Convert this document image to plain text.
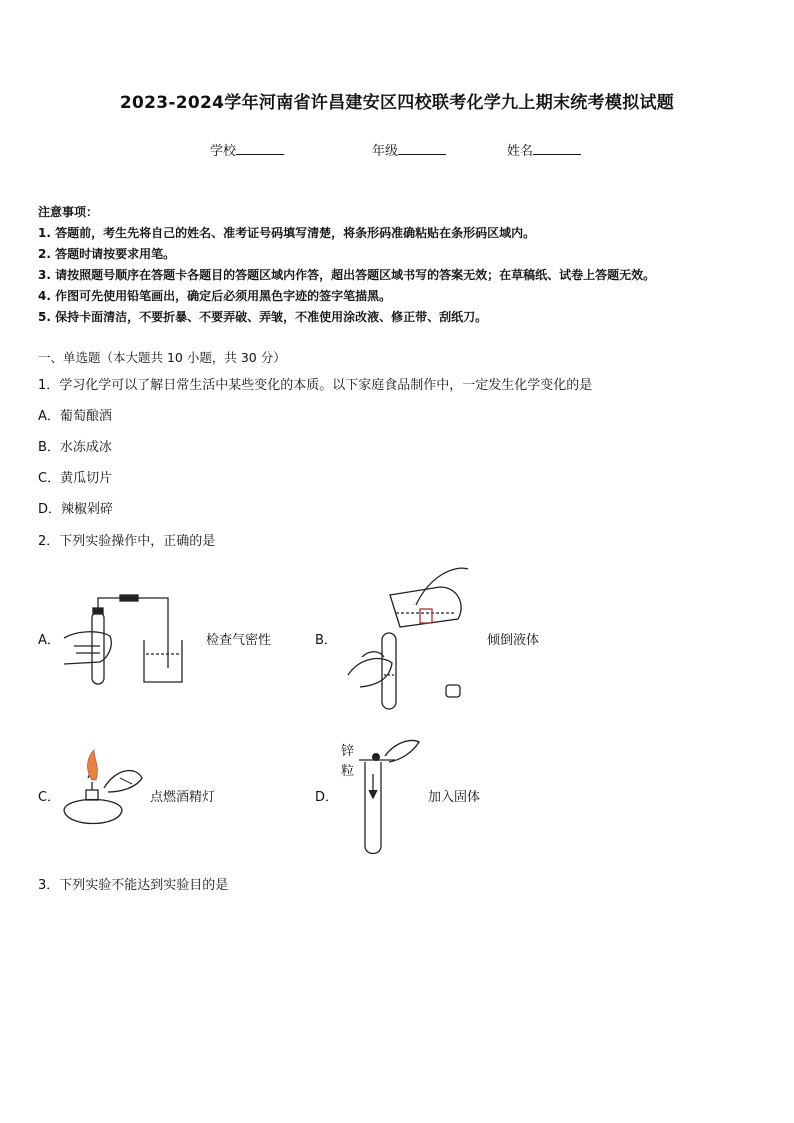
2023-2024学年河南省许昌建安区四校联考化学九上期末统考模拟试题
学校	年级	姓名
注意事项：
1. 答题前，考生先将自己的姓名、准考证号码填写清楚，将条形码准确粘贴在条形码区域内。
2. 答题时请按要求用笔。
3. 请按照题号顺序在答题卡各题目的答题区域内作答，超出答题区域书写的答案无效；在草稿纸、试卷上答题无效。
4. 作图可先使用铅笔画出，确定后必须用黑色字迹的签字笔描黑。
5. 保持卡面清洁，不要折暴、不要弄破、弄皱，不准使用涂改液、修正带、刮纸刀。
一、单选题（本大题共 10 小题，共 30 分）
1．学习化学可以了解日常生活中某些变化的本质。以下家庭食品制作中，一定发生化学变化的是
A．葡萄酿酒
B．水冻成冰
C．黄瓜切片
D．辣椒剁碎
2．下列实验操作中，正确的是
A．	检查气密性	B．	倾倒液体
C．	点燃酒精灯	D．
锌
粒
加入固体
3．下列实验不能达到实验目的是
